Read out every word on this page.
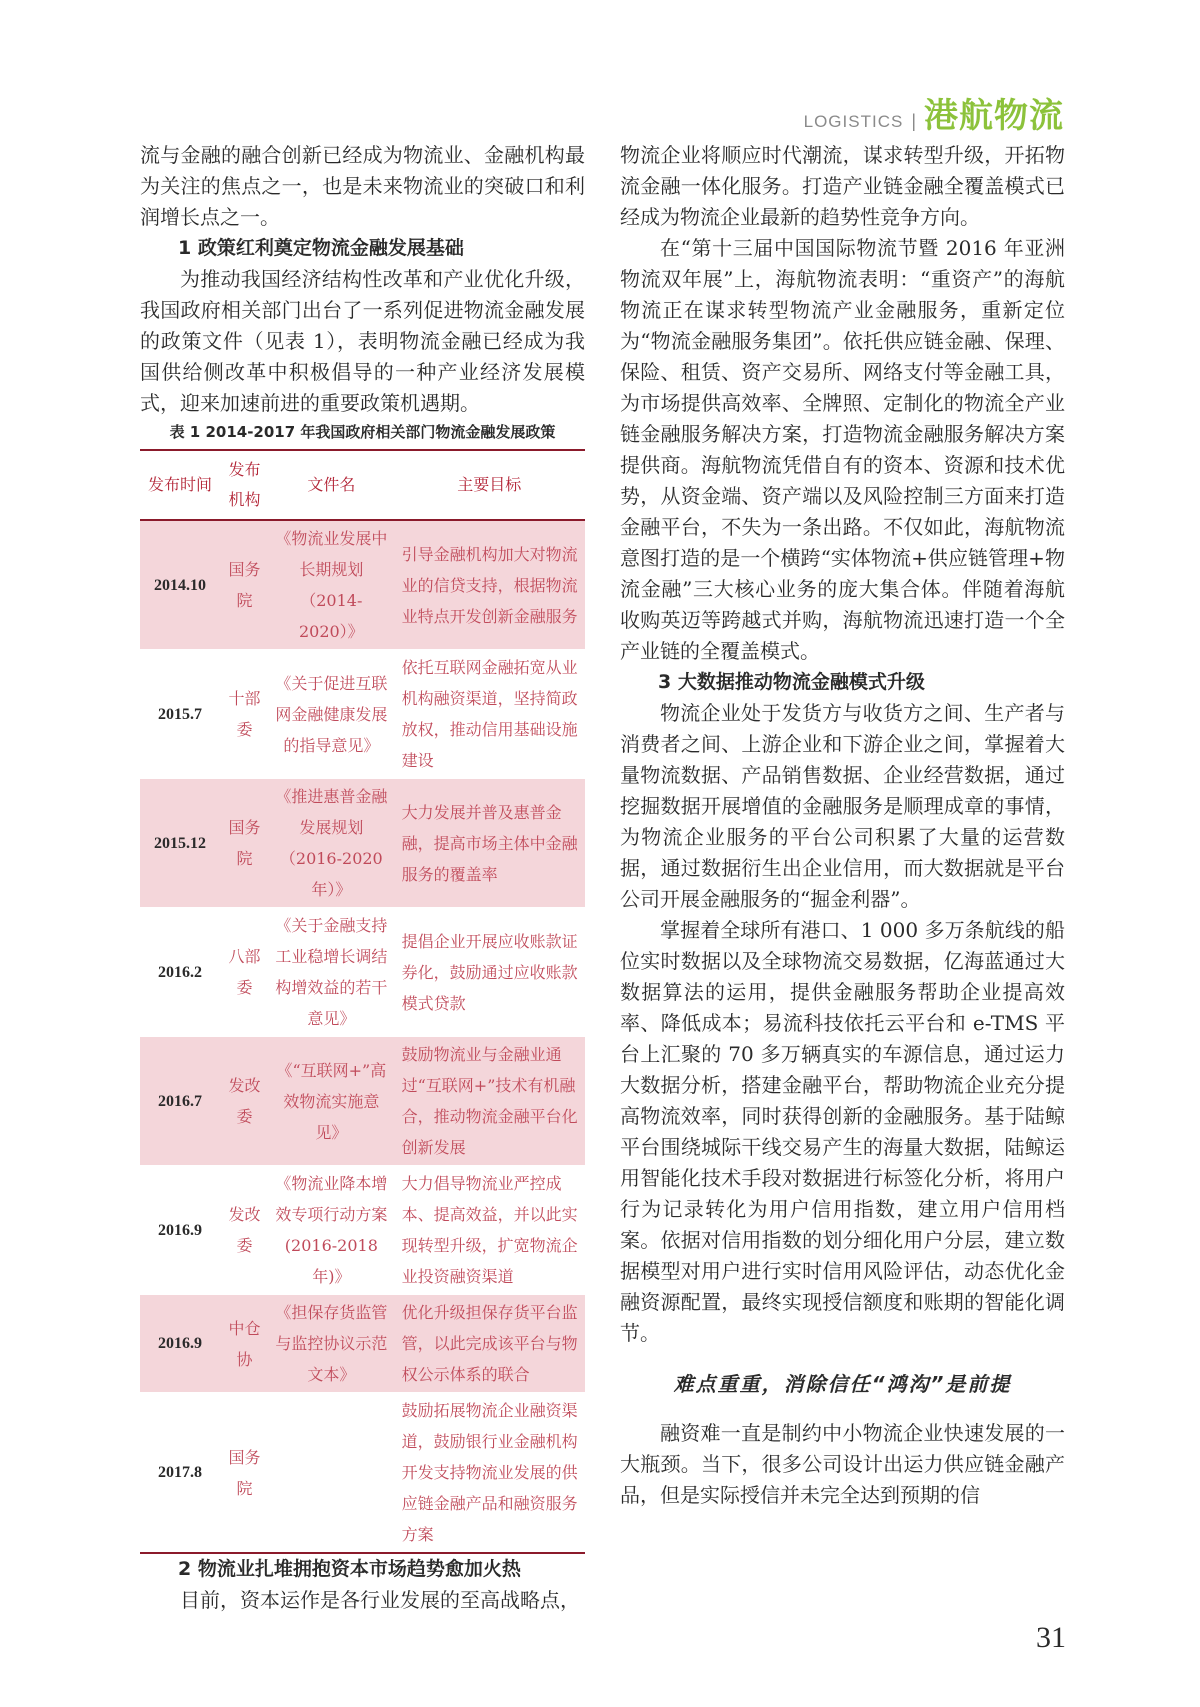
LOGISTICS | 港航物流

流与金融的融合创新已经成为物流业、金融机构最为关注的焦点之一，也是未来物流业的突破口和利润增长点之一。

1 政策红利奠定物流金融发展基础

为推动我国经济结构性改革和产业优化升级，我国政府相关部门出台了一系列促进物流金融发展的政策文件（见表 1），表明物流金融已经成为我国供给侧改革中积极倡导的一种产业经济发展模式，迎来加速前进的重要政策机遇期。

表 1 2014-2017 年我国政府相关部门物流金融发展政策
发布时间	发布机构	文件名	主要目标
2014.10	国务院	《物流业发展中长期规划（2014-2020）》	引导金融机构加大对物流业的信贷支持，根据物流业特点开发创新金融服务
2015.7	十部委	《关于促进互联网金融健康发展的指导意见》	依托互联网金融拓宽从业机构融资渠道，坚持简政放权，推动信用基础设施建设
2015.12	国务院	《推进惠普金融发展规划（2016-2020年）》	大力发展并普及惠普金融，提高市场主体中金融服务的覆盖率
2016.2	八部委	《关于金融支持工业稳增长调结构增效益的若干意见》	提倡企业开展应收账款证券化，鼓励通过应收账款模式贷款
2016.7	发改委	《“互联网+”高效物流实施意见》	鼓励物流业与金融业通过“互联网+”技术有机融合，推动物流金融平台化创新发展
2016.9	发改委	《物流业降本增效专项行动方案(2016-2018年)》	大力倡导物流业严控成本、提高效益，并以此实现转型升级，扩宽物流企业投资融资渠道
2016.9	中仓协	《担保存货监管与监控协议示范文本》	优化升级担保存货平台监管，以此完成该平台与物权公示体系的联合
2017.8	国务院		鼓励拓展物流企业融资渠道，鼓励银行业金融机构开发支持物流业发展的供应链金融产品和融资服务方案

2 物流业扎堆拥抱资本市场趋势愈加火热

目前，资本运作是各行业发展的至高战略点，

物流企业将顺应时代潮流，谋求转型升级，开拓物流金融一体化服务。打造产业链金融全覆盖模式已经成为物流企业最新的趋势性竞争方向。

在“第十三届中国国际物流节暨 2016 年亚洲物流双年展”上，海航物流表明：“重资产”的海航物流正在谋求转型物流产业金融服务，重新定位为“物流金融服务集团”。依托供应链金融、保理、保险、租赁、资产交易所、网络支付等金融工具，为市场提供高效率、全牌照、定制化的物流全产业链金融服务解决方案，打造物流金融服务解决方案提供商。海航物流凭借自有的资本、资源和技术优势，从资金端、资产端以及风险控制三方面来打造金融平台，不失为一条出路。不仅如此，海航物流意图打造的是一个横跨“实体物流+供应链管理+物流金融”三大核心业务的庞大集合体。伴随着海航收购英迈等跨越式并购，海航物流迅速打造一个全产业链的全覆盖模式。

3 大数据推动物流金融模式升级

物流企业处于发货方与收货方之间、生产者与消费者之间、上游企业和下游企业之间，掌握着大量物流数据、产品销售数据、企业经营数据，通过挖掘数据开展增值的金融服务是顺理成章的事情，为物流企业服务的平台公司积累了大量的运营数据，通过数据衍生出企业信用，而大数据就是平台公司开展金融服务的“掘金利器”。

掌握着全球所有港口、1 000 多万条航线的船位实时数据以及全球物流交易数据，亿海蓝通过大数据算法的运用，提供金融服务帮助企业提高效率、降低成本；易流科技依托云平台和 e-TMS 平台上汇聚的 70 多万辆真实的车源信息，通过运力大数据分析，搭建金融平台，帮助物流企业充分提高物流效率，同时获得创新的金融服务。基于陆鲸平台围绕城际干线交易产生的海量大数据，陆鲸运用智能化技术手段对数据进行标签化分析，将用户行为记录转化为用户信用指数，建立用户信用档案。依据对信用指数的划分细化用户分层，建立数据模型对用户进行实时信用风险评估，动态优化金融资源配置，最终实现授信额度和账期的智能化调节。

难点重重，消除信任“鸿沟”是前提

融资难一直是制约中小物流企业快速发展的一大瓶颈。当下，很多公司设计出运力供应链金融产品，但是实际授信并未完全达到预期的信

31
